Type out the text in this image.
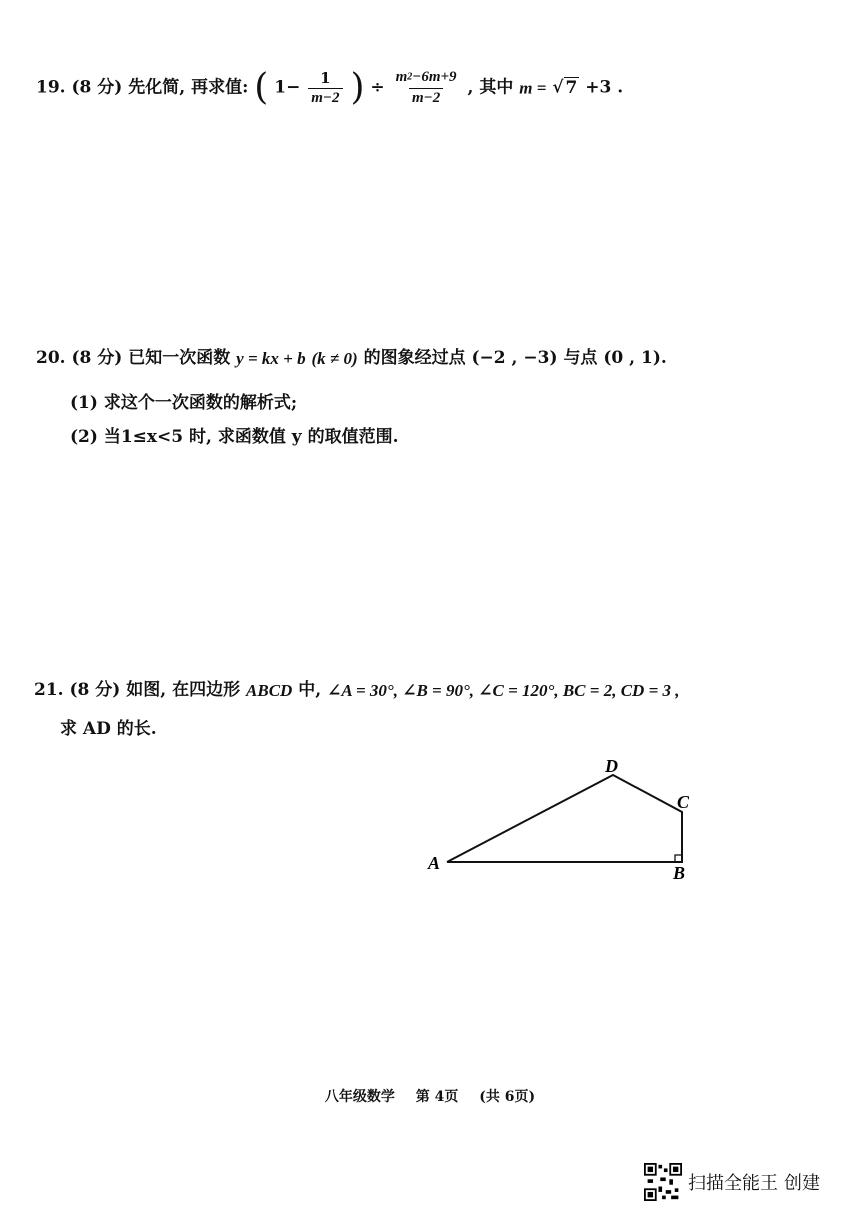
19. (8 分) 先化简, 再求值: ( $1- \frac{1}{m-2}$ ) ÷ $\frac{m2-6m+9}{m-2}$ , 其中 m = √ 7 +3 .
20. (8 分) 已知一次函数 y = kx + b (k ≠ 0) 的图象经过点 (−2 , −3) 与点 (0 , 1).
(1) 求这个一次函数的解析式;
(2) 当1≤x<5 时, 求函数值 y 的取值范围.
21. (8 分) 如图, 在四边形 ABCD 中, ∠A = 30°, ∠B = 90°, ∠C = 120°, BC = 2, CD = 3 ,
求 AD 的长.
A	B
C
D
八年级数学 第 4页 (共 6页)
扫描全能王 创建
